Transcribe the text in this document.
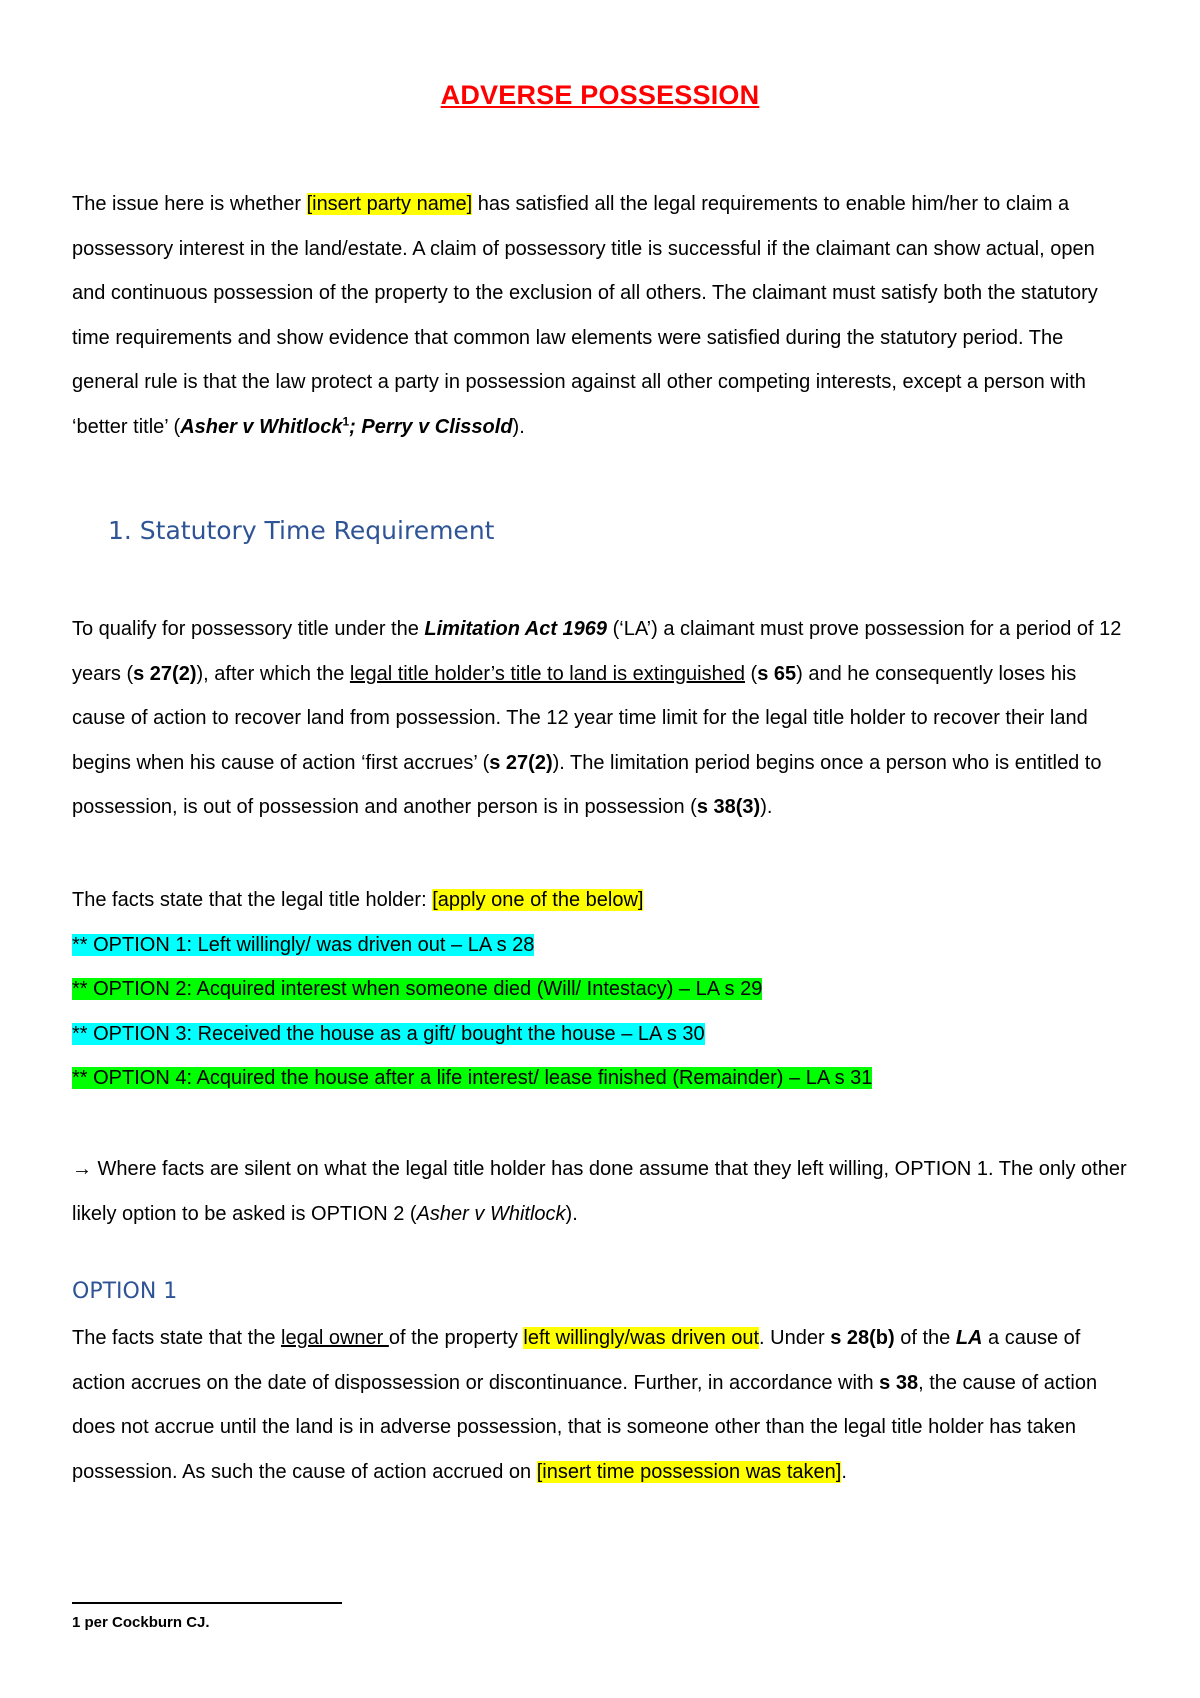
ADVERSE POSSESSION
The issue here is whether [insert party name] has satisfied all the legal requirements to enable him/her to claim a possessory interest in the land/estate. A claim of possessory title is successful if the claimant can show actual, open and continuous possession of the property to the exclusion of all others. The claimant must satisfy both the statutory time requirements and show evidence that common law elements were satisfied during the statutory period. The general rule is that the law protect a party in possession against all other competing interests, except a person with ‘better title’ (Asher v Whitlock$^1$; Perry v Clissold).
1. Statutory Time Requirement
To qualify for possessory title under the Limitation Act 1969 (‘LA’) a claimant must prove possession for a period of 12 years (s 27(2)), after which the legal title holder’s title to land is extinguished (s 65) and he consequently loses his cause of action to recover land from possession. The 12 year time limit for the legal title holder to recover their land begins when his cause of action ‘first accrues’ (s 27(2)). The limitation period begins once a person who is entitled to possession, is out of possession and another person is in possession (s 38(3)).
The facts state that the legal title holder: [apply one of the below]
** OPTION 1: Left willingly/ was driven out – LA s 28
** OPTION 2: Acquired interest when someone died (Will/ Intestacy) – LA s 29
** OPTION 3: Received the house as a gift/ bought the house – LA s 30
** OPTION 4: Acquired the house after a life interest/ lease finished (Remainder) – LA s 31
→ Where facts are silent on what the legal title holder has done assume that they left willing, OPTION 1. The only other likely option to be asked is OPTION 2 (Asher v Whitlock).
OPTION 1
The facts state that the legal owner of the property left willingly/was driven out. Under s 28(b) of the LA a cause of action accrues on the date of dispossession or discontinuance. Further, in accordance with s 38, the cause of action does not accrue until the land is in adverse possession, that is someone other than the legal title holder has taken possession. As such the cause of action accrued on [insert time possession was taken].
1 per Cockburn CJ.
